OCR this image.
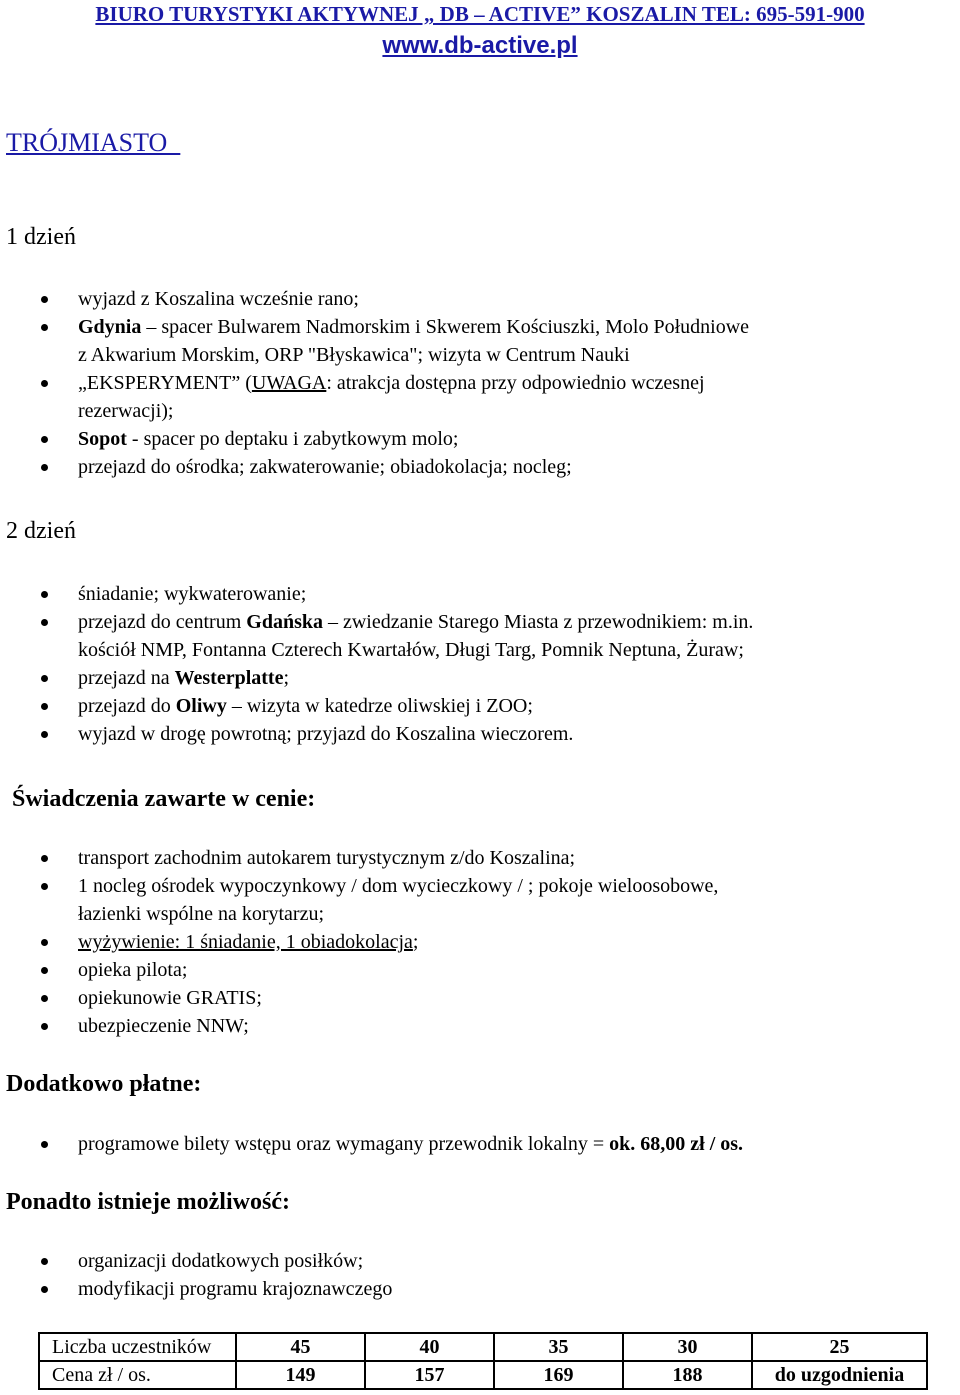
BIURO TURYSTYKI AKTYWNEJ „ DB – ACTIVE” KOSZALIN TEL: 695-591-900
www.db-active.pl
TRÓJMIASTO
1 dzień
wyjazd z Koszalina wcześnie rano;
Gdynia – spacer Bulwarem Nadmorskim i Skwerem Kościuszki, Molo Południowe
z Akwarium Morskim, ORP "Błyskawica"; wizyta w Centrum Nauki
„EKSPERYMENT” (UWAGA: atrakcja dostępna przy odpowiednio wczesnej
rezerwacji);
Sopot - spacer po deptaku i zabytkowym molo;
przejazd do ośrodka; zakwaterowanie; obiadokolacja; nocleg;
2 dzień
śniadanie; wykwaterowanie;
przejazd do centrum Gdańska – zwiedzanie Starego Miasta z przewodnikiem: m.in.
kościół NMP, Fontanna Czterech Kwartałów, Długi Targ, Pomnik Neptuna, Żuraw;
przejazd na Westerplatte;
przejazd do Oliwy – wizyta w katedrze oliwskiej i ZOO;
wyjazd w drogę powrotną; przyjazd do Koszalina wieczorem.
Świadczenia zawarte w cenie:
transport zachodnim autokarem turystycznym z/do Koszalina;
1 nocleg ośrodek wypoczynkowy / dom wycieczkowy / ; pokoje wieloosobowe,
łazienki wspólne na korytarzu;
wyżywienie: 1 śniadanie, 1 obiadokolacja;
opieka pilota;
opiekunowie GRATIS;
ubezpieczenie NNW;
Dodatkowo płatne:
programowe bilety wstępu oraz wymagany przewodnik lokalny = ok. 68,00 zł / os.
Ponadto istnieje możliwość:
organizacji dodatkowych posiłków;
modyfikacji programu krajoznawczego
Liczba uczestników	45	40	35	30	25
Cena zł / os.	149	157	169	188	do uzgodnienia
